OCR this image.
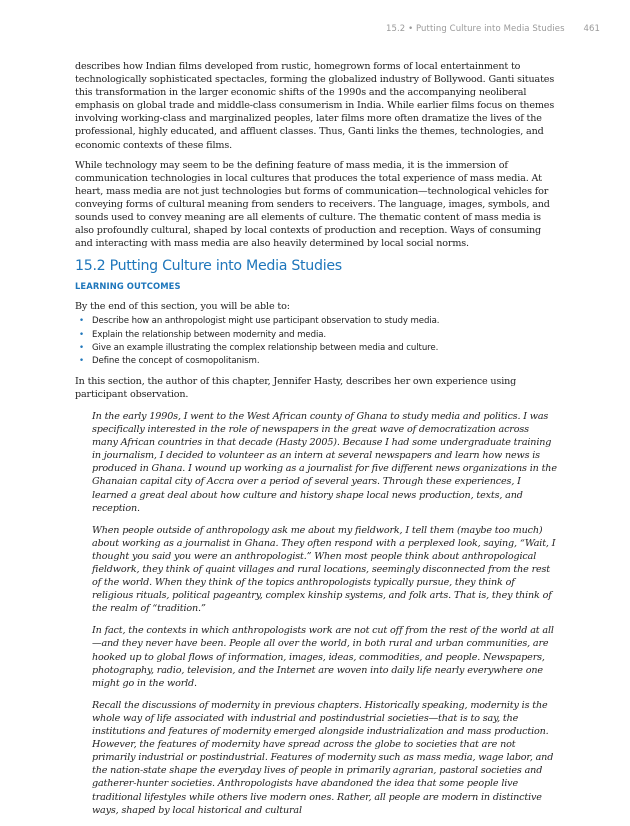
15.2 • Putting Culture into Media Studies 461

describes how Indian films developed from rustic, homegrown forms of local entertainment to technologically sophisticated spectacles, forming the globalized industry of Bollywood. Ganti situates this transformation in the larger economic shifts of the 1990s and the accompanying neoliberal emphasis on global trade and middle-class consumerism in India. While earlier films focus on themes involving working-class and marginalized peoples, later films more often dramatize the lives of the professional, highly educated, and affluent classes. Thus, Ganti links the themes, technologies, and economic contexts of these films.

While technology may seem to be the defining feature of mass media, it is the immersion of communication technologies in local cultures that produces the total experience of mass media. At heart, mass media are not just technologies but forms of communication—technological vehicles for conveying forms of cultural meaning from senders to receivers. The language, images, symbols, and sounds used to convey meaning are all elements of culture. The thematic content of mass media is also profoundly cultural, shaped by local contexts of production and reception. Ways of consuming and interacting with mass media are also heavily determined by local social norms.

15.2 Putting Culture into Media Studies
LEARNING OUTCOMES

By the end of this section, you will be able to:

• Describe how an anthropologist might use participant observation to study media.
• Explain the relationship between modernity and media.
• Give an example illustrating the complex relationship between media and culture.
• Define the concept of cosmopolitanism.

In this section, the author of this chapter, Jennifer Hasty, describes her own experience using participant observation.

In the early 1990s, I went to the West African county of Ghana to study media and politics. I was specifically interested in the role of newspapers in the great wave of democratization across many African countries in that decade (Hasty 2005). Because I had some undergraduate training in journalism, I decided to volunteer as an intern at several newspapers and learn how news is produced in Ghana. I wound up working as a journalist for five different news organizations in the Ghanaian capital city of Accra over a period of several years. Through these experiences, I learned a great deal about how culture and history shape local news production, texts, and reception.

When people outside of anthropology ask me about my fieldwork, I tell them (maybe too much) about working as a journalist in Ghana. They often respond with a perplexed look, saying, “Wait, I thought you said you were an anthropologist.” When most people think about anthropological fieldwork, they think of quaint villages and rural locations, seemingly disconnected from the rest of the world. When they think of the topics anthropologists typically pursue, they think of religious rituals, political pageantry, complex kinship systems, and folk arts. That is, they think of the realm of “tradition.”

In fact, the contexts in which anthropologists work are not cut off from the rest of the world at all—and they never have been. People all over the world, in both rural and urban communities, are hooked up to global flows of information, images, ideas, commodities, and people. Newspapers, photography, radio, television, and the Internet are woven into daily life nearly everywhere one might go in the world.

Recall the discussions of modernity in previous chapters. Historically speaking, modernity is the whole way of life associated with industrial and postindustrial societies—that is to say, the institutions and features of modernity emerged alongside industrialization and mass production. However, the features of modernity have spread across the globe to societies that are not primarily industrial or postindustrial. Features of modernity such as mass media, wage labor, and the nation-state shape the everyday lives of people in primarily agrarian, pastoral societies and gatherer-hunter societies. Anthropologists have abandoned the idea that some people live traditional lifestyles while others live modern ones. Rather, all people are modern in distinctive ways, shaped by local historical and cultural
